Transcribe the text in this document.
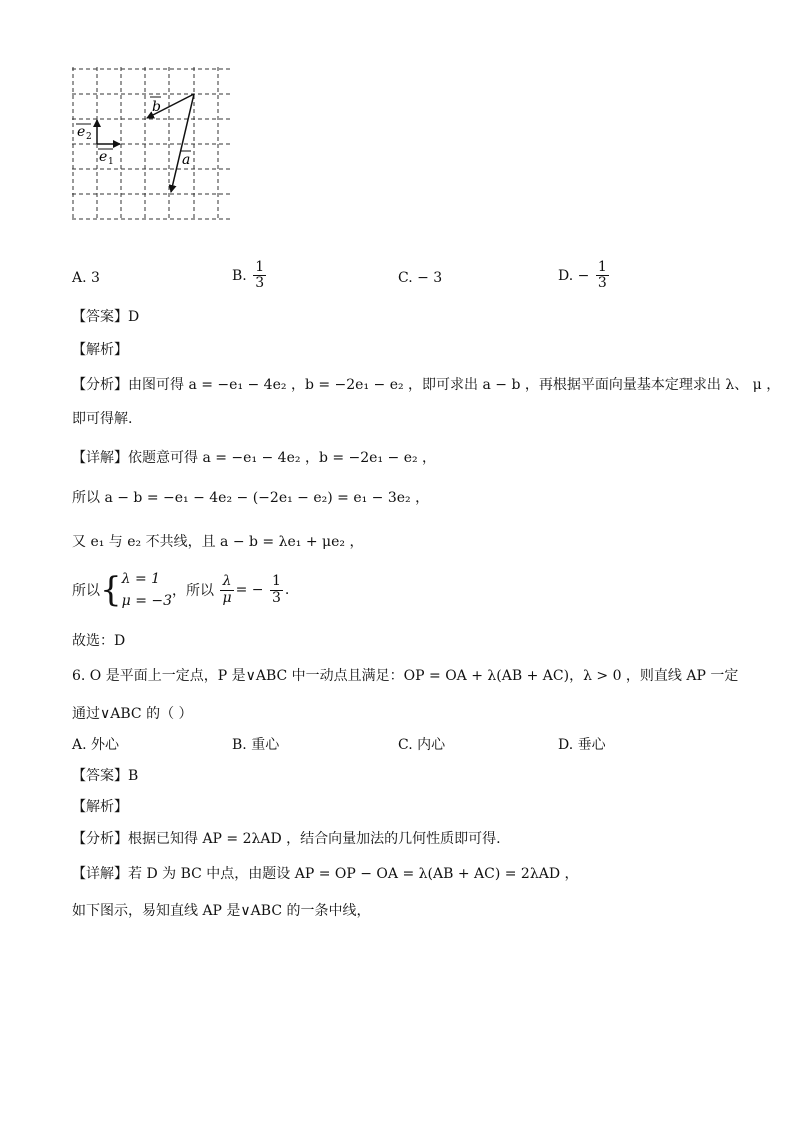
b
a
e 2
e 1
A. 3	B. $\frac{1}{3}$	C. − 3	D. − $\frac{1}{3}$
【答案】D
【解析】
【分析】由图可得 a = −e₁ − 4e₂ ，b = −2e₁ − e₂ ，即可求出 a − b ，再根据平面向量基本定理求出 λ、 μ ，
即可得解.
【详解】依题意可得 a = −e₁ − 4e₂ ，b = −2e₁ − e₂ ，
所以 a − b = −e₁ − 4e₂ − (−2e₁ − e₂) = e₁ − 3e₂ ，
又 e₁ 与 e₂ 不共线，且 a − b = λe₁ + μe₂ ，
所以{ λ = 1
μ = −3
，所以 $\frac{\lambda}{\mu}$ = − $\frac{1}{3}$ .
故选：D
6. O 是平面上一定点，P 是∨ABC 中一动点且满足：OP = OA + λ(AB + AC)，λ > 0 ，则直线 AP 一定
通过∨ABC 的（ ）
A. 外心	B. 重心	C. 内心	D. 垂心
【答案】B
【解析】
【分析】根据已知得 AP = 2λAD ，结合向量加法的几何性质即可得.
【详解】若 D 为 BC 中点，由题设 AP = OP − OA = λ(AB + AC) = 2λAD ，
如下图示，易知直线 AP 是∨ABC 的一条中线，
